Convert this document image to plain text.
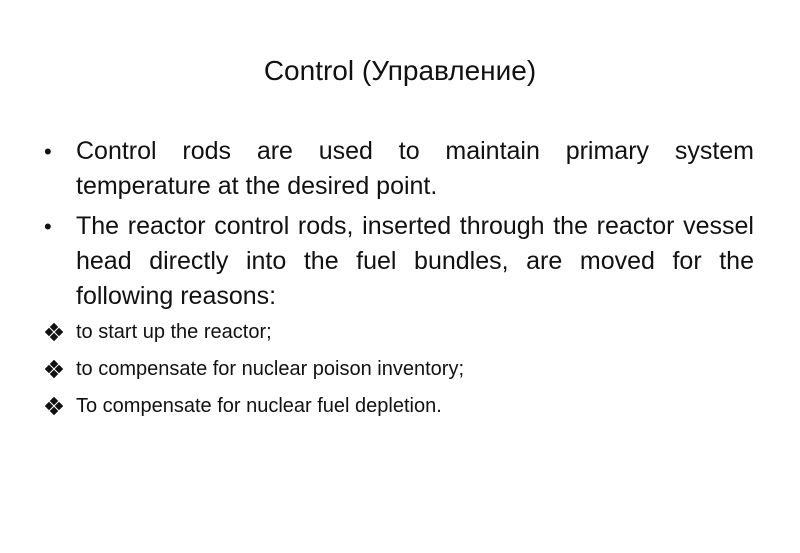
Control (Управление)
• Control rods are used to maintain primary system temperature at the desired point.
• The reactor control rods, inserted through the reactor vessel head directly into the fuel bundles, are moved for the following reasons:
to start up the reactor;
to compensate for nuclear poison inventory;
To compensate for nuclear fuel depletion.
